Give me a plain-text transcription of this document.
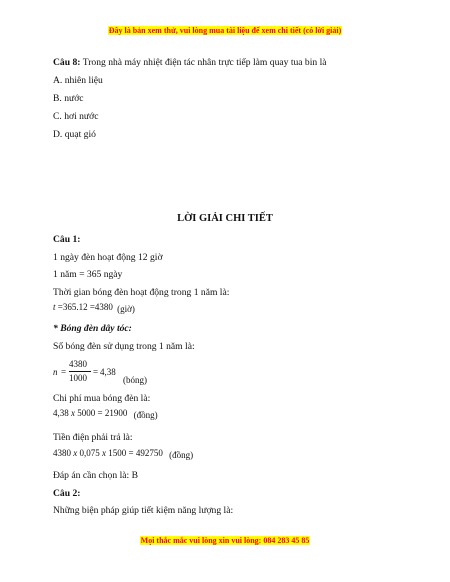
Đây là bản xem thử, vui lòng mua tài liệu để xem chi tiết (có lời giải)
Câu 8: Trong nhà máy nhiệt điện tác nhân trực tiếp làm quay tua bin là
A. nhiên liệu
B. nước
C. hơi nước
D. quạt gió
LỜI GIẢI CHI TIẾT
Câu 1:
1 ngày đèn hoạt động 12 giờ
1 năm = 365 ngày
Thời gian bóng đèn hoạt động trong 1 năm là:
t =365.12 =4380 (giờ)
* Bóng đèn dây tóc:
Số bóng đèn sử dụng trong 1 năm là:
n =
4380
1000
= 4,38
(bóng)
Chi phí mua bóng đèn là:
4,38 x 5000 = 21900 (đồng)
Tiền điện phải trả là:
4380 x 0,075 x 1500 = 492750 (đồng)
Đáp án cần chọn là: B
Câu 2:
Những biện pháp giúp tiết kiệm năng lượng là:
Mọi thắc mắc vui lòng xin vui lòng: 084 283 45 85
